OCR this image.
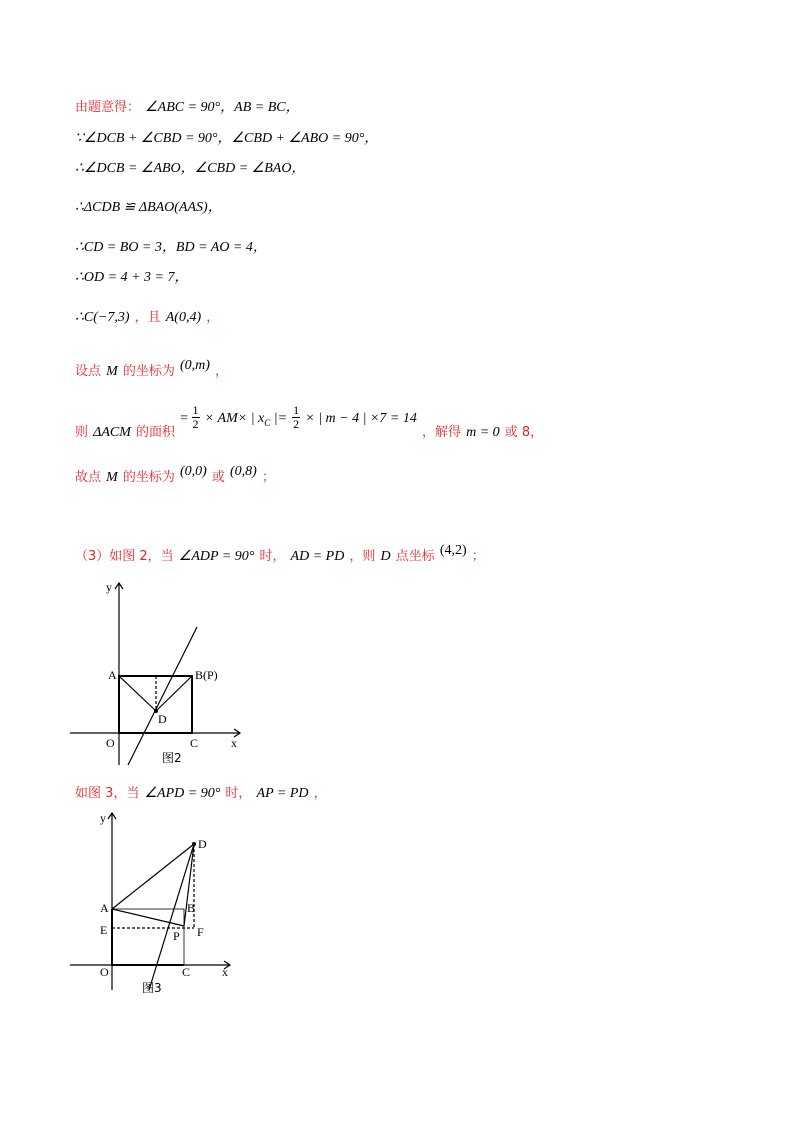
由题意得： ∠ABC = 90°，AB = BC，
∵∠DCB + ∠CBD = 90°，∠CBD + ∠ABO = 90°，
∴∠DCB = ∠ABO，∠CBD = ∠BAO，
∴ΔCDB ≌ ΔBAO(AAS)，
∴CD = BO = 3，BD = AO = 4，
∴OD = 4 + 3 = 7，
∴C(−7,3) ，且 A(0,4) ，
设点 M 的坐标为 (0,m) ，
$_则$ ΔACM $_{的面积} = \frac{1}{2} \times AM\times$ | $x_C$ |= $\frac{1}{2}$ × | m − 4 | ×7 = 14 $_{,解得}$ m = 0 $_{或 8,}$
故点 M 的坐标为 (0,0) 或 (0,8) ；
（3）如图 2，当 ∠ADP = 90° 时， AD = PD ，则 D 点坐标 (4,2) ；
A	B(P)
D
O	C	x
y
图2
如图 3，当 ∠APD = 90° 时， AP = PD ，
A	B
D
E	F
P
O	C	x
y
图3
